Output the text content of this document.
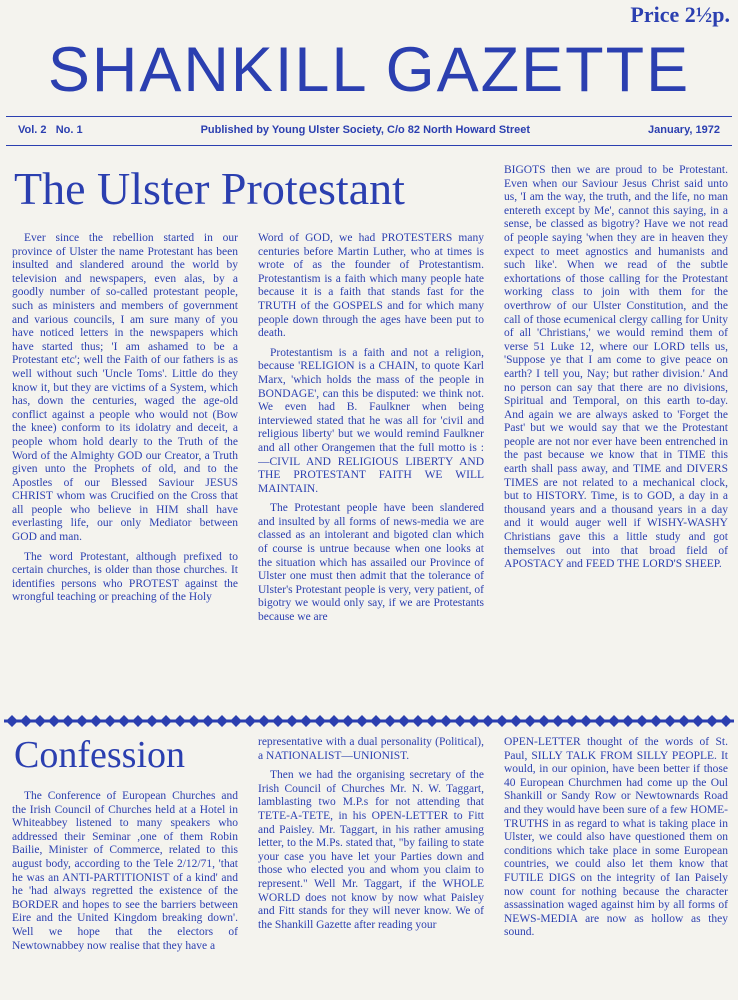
Price 2½p.
SHANKILL GAZETTE
Vol. 2   No. 1	Published by Young Ulster Society, C/o 82 North Howard Street	January, 1972
The Ulster Protestant

Ever since the rebellion started in our province of Ulster the name Protestant has been insulted and slandered around the world by television and newspapers, even alas, by a goodly number of so-called protestant people, such as ministers and members of government and various councils, I am sure many of you have noticed letters in the newspapers which have started thus; 'I am ashamed to be a Protestant etc'; well the Faith of our fathers is as well without such 'Uncle Toms'. Little do they know it, but they are victims of a System, which has, down the centuries, waged the age-old conflict against a people who would not (Bow the knee) conform to its idolatry and deceit, a people whom hold dearly to the Truth of the Word of the Almighty GOD our Creator, a Truth given unto the Prophets of old, and to the Apostles of our Blessed Saviour JESUS CHRIST whom was Crucified on the Cross that all people who believe in HIM shall have everlasting life, our only Mediator between GOD and man.

The word Protestant, although prefixed to certain churches, is older than those churches. It identifies persons who PROTEST against the wrongful teaching or preaching of the Holy

Word of GOD, we had PROTESTERS many centuries before Martin Luther, who at times is wrote of as the founder of Protestantism. Protestantism is a faith which many people hate because it is a faith that stands fast for the TRUTH of the GOSPELS and for which many people down through the ages have been put to death.

Protestantism is a faith and not a religion, because 'RELIGION is a CHAIN, to quote Karl Marx, 'which holds the mass of the people in BONDAGE', can this be disputed: we think not. We even had B. Faulkner when being interviewed stated that he was all for 'civil and religious liberty' but we would remind Faulkner and all other Orangemen that the full motto is :—CIVIL AND RELIGIOUS LIBERTY AND THE PROTESTANT FAITH WE WILL MAINTAIN.

The Protestant people have been slandered and insulted by all forms of news-media we are classed as an intolerant and bigoted clan which of course is untrue because when one looks at the situation which has assailed our Province of Ulster one must then admit that the tolerance of Ulster's Protestant people is very, very patient, of bigotry we would only say, if we are Protestants because we are

BIGOTS then we are proud to be Protestant. Even when our Saviour Jesus Christ said unto us, 'I am the way, the truth, and the life, no man entereth except by Me', cannot this saying, in a sense, be classed as bigotry? Have we not read of people saying 'when they are in heaven they expect to meet agnostics and humanists and such like'. When we read of the subtle exhortations of those calling for the Protestant working class to join with them for the overthrow of our Ulster Constitution, and the call of those ecumenical clergy calling for Unity of all 'Christians,' we would remind them of verse 51 Luke 12, where our LORD tells us, 'Suppose ye that I am come to give peace on earth? I tell you, Nay; but rather division.' And no person can say that there are no divisions, Spiritual and Temporal, on this earth to-day. And again we are always asked to 'Forget the Past' but we would say that we the Protestant people are not nor ever have been entrenched in the past because we know that in TIME this earth shall pass away, and TIME and DIVERS TIMES are not related to a mechanical clock, but to HISTORY. Time, is to GOD, a day in a thousand years and a thousand years in a day and it would auger well if WISHY-WASHY Christians gave this a little study and got themselves out into that broad field of APOSTACY and FEED THE LORD'S SHEEP.

Confession

The Conference of European Churches and the Irish Council of Churches held at a Hotel in Whiteabbey listened to many speakers who addressed their Seminar ,one of them Robin Bailie, Minister of Commerce, related to this august body, according to the Tele 2/12/71, 'that he was an ANTI-PARTITIONIST of a kind' and he 'had always regretted the existence of the BORDER and hopes to see the barriers between Eire and the United Kingdom breaking down'. Well we hope that the electors of Newtownabbey now realise that they have a

representative with a dual personality (Political), a NATIONALIST—UNIONIST.

Then we had the organising secretary of the Irish Council of Churches Mr. N. W. Taggart, lamblasting two M.P.s for not attending that TETE-A-TETE, in his OPEN-LETTER to Fitt and Paisley. Mr. Taggart, in his rather amusing letter, to the M.Ps. stated that, "by failing to state your case you have let your Parties down and those who elected you and whom you claim to represent." Well Mr. Taggart, if the WHOLE WORLD does not know by now what Paisley and Fitt stands for they will never know. We of the Shankill Gazette after reading your

OPEN-LETTER thought of the words of St. Paul, SILLY TALK FROM SILLY PEOPLE. It would, in our opinion, have been better if those 40 European Churchmen had come up the Oul Shankill or Sandy Row or Newtownards Road and they would have been sure of a few HOME-TRUTHS in as regard to what is taking place in Ulster, we could also have questioned them on conditions which take place in some European countries, we could also let them know that FUTILE DIGS on the integrity of Ian Paisely now count for nothing because the character assassination waged against him by all forms of NEWS-MEDIA are now as hollow as they sound.
